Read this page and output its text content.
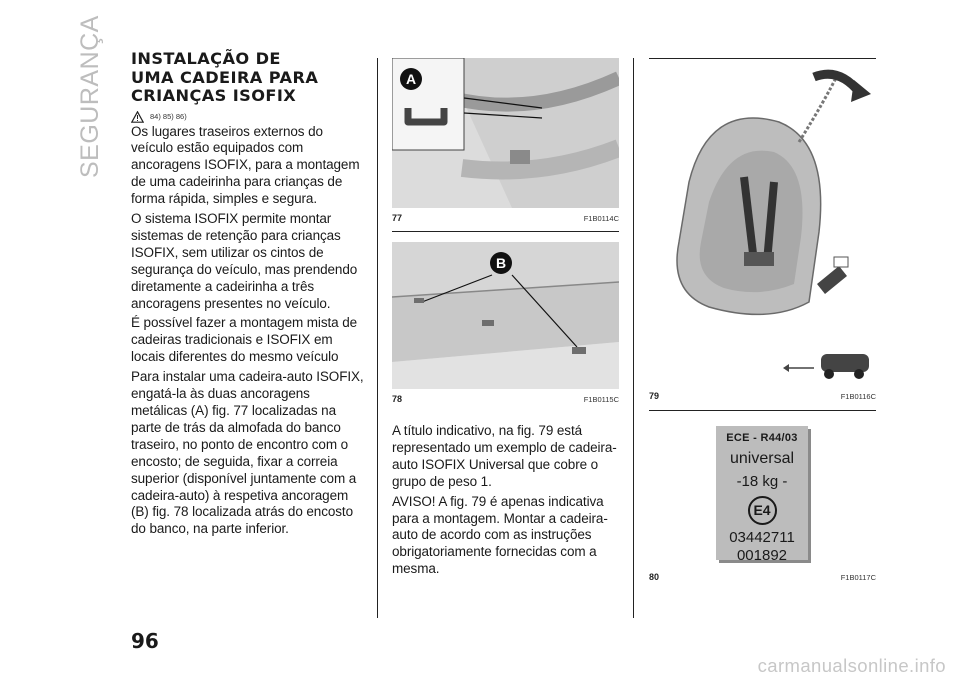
SEGURANÇA INSTALAÇÃO DE
UMA CADEIRA PARA
CRIANÇAS ISOFIX
84) 85) 86)

Os lugares traseiros externos do veículo estão equipados com ancoragens ISOFIX, para a montagem de uma cadeirinha para crianças de forma rápida, simples e segura.

O sistema ISOFIX permite montar sistemas de retenção para crianças ISOFIX, sem utilizar os cintos de segurança do veículo, mas prendendo diretamente a cadeirinha a três ancoragens presentes no veículo.

É possível fazer a montagem mista de cadeiras tradicionais e ISOFIX em locais diferentes do mesmo veículo

Para instalar uma cadeira-auto ISOFIX, engatá-la às duas ancoragens metálicas (A) fig. 77 localizadas na parte de trás da almofada do banco traseiro, no ponto de encontro com o encosto; de seguida, fixar a correia superior (disponível juntamente com a cadeira-auto) à respetiva ancoragem (B) fig. 78 localizada atrás do encosto do banco, na parte inferior.

A
77	F1B0114C
B
78	F1B0115C

A título indicativo, na fig. 79 está representado um exemplo de cadeira-auto ISOFIX Universal que cobre o grupo de peso 1.

AVISO! A fig. 79 é apenas indicativa para a montagem. Montar a cadeira-auto de acordo com as instruções obrigatoriamente fornecidas com a mesma.

79	F1B0116C
ECE - R44/03
universal
-18 kg -
E4
03442711
001892
80	F1B0117C
96
carmanualsonline.info
